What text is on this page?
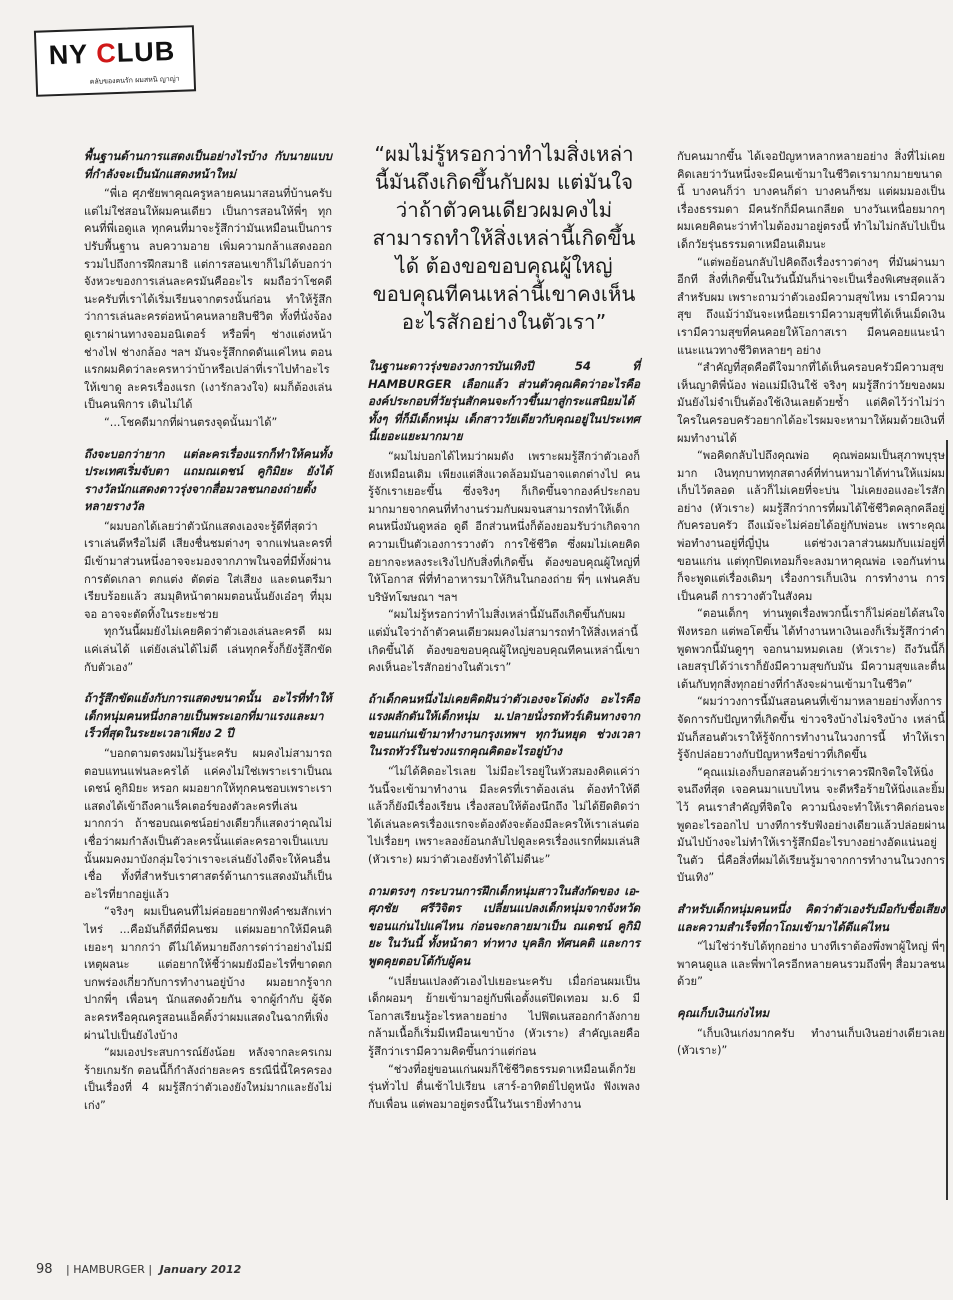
NY CLUB
คลับของคนรัก ผมสหนิ ญาญ่า
พื้นฐานด้านการแสดงเป็นอย่างไรบ้าง กับนายแบบที่กำลังจะเป็นนักแสดงหน้าใหม่

“พี่เอ ศุภชัยพาคุณครูหลายคนมาสอนที่บ้านครับ แต่ไม่ใช่สอนให้ผมคนเดียว เป็นการสอนให้พี่ๆ ทุกคนที่พี่เอดูแล ทุกคนที่มาจะรู้สึกว่ามันเหมือนเป็นการปรับพื้นฐาน ลบความอาย เพิ่มความกล้าแสดงออก รวมไปถึงการฝึกสมาธิ แต่การสอนเขาก็ไม่ได้บอกว่าจังหวะของการเล่นละครมันคืออะไร ผมถือว่าโชคดีนะครับที่เราได้เริ่มเรียนจากตรงนั้นก่อน ทำให้รู้สึกว่าการเล่นละครต่อหน้าคนหลายสิบชีวิต ทั้งที่นั่งจ้องดูเราผ่านทางจอมอนิเตอร์ หรือพี่ๆ ช่างแต่งหน้า ช่างไฟ ช่างกล้อง ฯลฯ มันจะรู้สึกกดดันแค่ไหน ตอนแรกผมคิดว่าละครหาว่าบ้าหรือเปล่าที่เราไปทำอะไรให้เขาดู ละครเรื่องแรก (เงารักลวงใจ) ผมก็ต้องเล่นเป็นคนพิการ เดินไม่ได้

“...โชคดีมากที่ผ่านตรงจุดนั้นมาได้”

ถึงจะบอกว่ายาก แต่ละครเรื่องแรกก็ทำให้คนทั้งประเทศเริ่มจับตา แถมณเดชน์ คูกิมิยะ ยังได้รางวัลนักแสดงดาวรุ่งจากสื่อมวลชนกองถ่ายตั้งหลายรางวัล

“ผมบอกได้เลยว่าตัวนักแสดงเองจะรู้ดีที่สุดว่าเราเล่นดีหรือไม่ดี เสียงชื่นชมต่างๆ จากแฟนละครที่มีเข้ามาส่วนหนึ่งอาจจะมองจากภาพในจอที่มีทั้งผ่านการตัดเกลา ตกแต่ง ตัดต่อ ใส่เสียง และดนตรีมาเรียบร้อยแล้ว สมมุติหน้าตาผมตอนนั้นยังเอ๋อๆ ที่มุมจอ อาจจะตัดทิ้งในระยะช่วย

ทุกวันนี้ผมยังไม่เคยคิดว่าตัวเองเล่นละครดี ผมแค่เล่นได้ แต่ยังเล่นได้ไม่ดี เล่นทุกครั้งก็ยังรู้สึกขัดกับตัวเอง”

ถ้ารู้สึกขัดแย้งกับการแสดงขนาดนั้น อะไรที่ทำให้เด็กหนุ่มคนหนึ่งกลายเป็นพระเอกที่มาแรงและมาเร็วที่สุดในระยะเวลาเพียง 2 ปี

“บอกตามตรงผมไม่รู้นะครับ ผมคงไม่สามารถตอบแทนแฟนละครได้ แค่คงไม่ใช่เพราะเราเป็นณเดชน์ คูกิมิยะ หรอก ผมอยากให้ทุกคนชอบเพราะเราแสดงได้เข้าถึงคาแร็คเตอร์ของตัวละครที่เล่นมากกว่า ถ้าชอบณเดชน์อย่างเดียวก็แสดงว่าคุณไม่เชื่อว่าผมกำลังเป็นตัวละครนั้นแต่ละครอาจเป็นแบบนั้นผมคงมาบังกลุ่มใจว่าเราจะเล่นยังไงดีจะให้คนอื่นเชื่อ ทั้งที่สำหรับเราศาสตร์ด้านการแสดงมันก็เป็นอะไรที่ยากอยู่แล้ว

“จริงๆ ผมเป็นคนที่ไม่ค่อยอยากฟังคำชมสักเท่าไหร่ ...คือมันก็ดีที่มีคนชม แต่ผมอยากให้มีคนติเยอะๆ มากกว่า ดีไม่ได้หมายถึงการด่าว่าอย่างไม่มีเหตุผลนะ แต่อยากให้ชี้ว่าผมยังมีอะไรที่ขาดตกบกพร่องเกี่ยวกับการทำงานอยู่บ้าง ผมอยากรู้จากปากพี่ๆ เพื่อนๆ นักแสดงด้วยกัน จากผู้กำกับ ผู้จัดละครหรือคุณครูสอนแอ็คติ้งว่าผมแสดงในฉากที่เพิ่งผ่านไปเป็นยังไงบ้าง

“ผมเองประสบการณ์ยังน้อย หลังจากละครเกมร้ายเกมรัก ตอนนี้ก็กำลังถ่ายละคร ธรณีนี่นี้ใครครองเป็นเรื่องที่ 4 ผมรู้สึกว่าตัวเองยังใหม่มากและยังไม่เก่ง”

“ผมไม่รู้หรอกว่าทำไมสิ่งเหล่านี้มันถึงเกิดขึ้นกับผม แต่มันใจว่าถ้าตัวคนเดียวผมคงไม่สามารถทำให้สิ่งเหล่านี้เกิดขึ้นได้ ต้องขอขอบคุณผู้ใหญ่ ขอบคุณทีคนเหล่านี้เขาคงเห็นอะไรสักอย่างในตัวเรา”
ในฐานะดาวรุ่งของวงการบันเทิงปี 54 ที่ HAMBURGER เลือกแล้ว ส่วนตัวคุณคิดว่าอะไรคือองค์ประกอบที่วัยรุ่นสักคนจะก้าวขึ้นมาสู่กระแสนิยมได้ทั้งๆ ที่ก็มีเด็กหนุ่ม เด็กสาววัยเดียวกับคุณอยู่ในประเทศนี้เยอะแยะมากมาย

“ผมไม่บอกได้ไหมว่าผมดัง เพราะผมรู้สึกว่าตัวเองก็ยังเหมือนเดิม เพียงแต่สิ่งแวดล้อมมันอาจแตกต่างไป คนรู้จักเราเยอะขึ้น ซึ่งจริงๆ ก็เกิดขึ้นจากองค์ประกอบมากมายจากคนที่ทำงานร่วมกับผมจนสามารถทำให้เด็กคนหนึ่งมันดูหล่อ ดูดี อีกส่วนหนึ่งก็ต้องยอมรับว่าเกิดจากความเป็นตัวเองการวางตัว การใช้ชีวิต ซึ่งผมไม่เคยคิดอยากจะหลงระเริงไปกับสิ่งที่เกิดขึ้น ต้องขอบคุณผู้ใหญ่ที่ให้โอกาส พี่ที่ทำอาหารมาให้กินในกองถ่าย พี่ๆ แฟนคลับ บริษัทโฆษณา ฯลฯ

“ผมไม่รู้หรอกว่าทำไมสิ่งเหล่านี้มันถึงเกิดขึ้นกับผม แต่มั่นใจว่าถ้าตัวคนเดียวผมคงไม่สามารถทำให้สิ่งเหล่านี้เกิดขึ้นได้ ต้องขอขอบคุณผู้ใหญ่ขอบคุณทีคนเหล่านี้เขาคงเห็นอะไรสักอย่างในตัวเรา”

ถ้าเด็กคนหนึ่งไม่เคยคิดฝันว่าตัวเองจะโด่งดัง อะไรคือแรงผลักดันให้เด็กหนุ่ม ม.ปลายนั่งรถทัวร์เดินทางจากขอนแก่นเข้ามาทำงานกรุงเทพฯ ทุกวันหยุด ช่วงเวลาในรถทัวร์ในช่วงแรกคุณคิดอะไรอยู่บ้าง

“ไม่ได้คิดอะไรเลย ไม่มีอะไรอยู่ในหัวสมองคิดแค่ว่าวันนี้จะเข้ามาทำงาน มีละครที่เราต้องเล่น ต้องทำให้ดี แล้วก็ยังมีเรื่องเรียน เรื่องสอบให้ต้องนึกถึง ไม่ได้ยึดติดว่าได้เล่นละครเรื่องแรกจะต้องดังจะต้องมีละครให้เราเล่นต่อไปเรื่อยๆ เพราะลองย้อนกลับไปดูละครเรื่องแรกที่ผมเล่นสิ (หัวเราะ) ผมว่าตัวเองยังทำได้ไม่ดีนะ”

ถามตรงๆ กระบวนการฝึกเด็กหนุ่มสาวในสังกัดของ เอ-ศุภชัย ศรีวิจิตร เปลี่ยนแปลงเด็กหนุ่มจากจังหวัดขอนแก่นไปแค่ไหน ก่อนจะกลายมาเป็น ณเดชน์ คูกิมิยะ ในวันนี้ ทั้งหน้าตา ท่าทาง บุคลิก ทัศนคติ และการพูดคุยตอบโต้กับผู้คน

“เปลี่ยนแปลงตัวเองไปเยอะนะครับ เมื่อก่อนผมเป็นเด็กผอมๆ ย้ายเข้ามาอยู่กับพี่เอตั้งแต่ปิดเทอม ม.6 มีโอกาสเรียนรู้อะไรหลายอย่าง ไปฟิตเนสออกกำลังกายกล้ามเนื้อก็เริ่มมีเหมือนเขาบ้าง (หัวเราะ) สำคัญเลยคือรู้สึกว่าเรามีความคิดขึ้นกว่าแต่ก่อน

“ช่วงที่อยู่ขอนแก่นผมก็ใช้ชีวิตธรรมดาเหมือนเด็กวัยรุ่นทั่วไป ตื่นเช้าไปเรียน เสาร์-อาทิตย์ไปดูหนัง ฟังเพลงกับเพื่อน แต่พอมาอยู่ตรงนี้ในวันเรายิ่งทำงาน

กับคนมากขึ้น ได้เจอปัญหาหลากหลายอย่าง สิ่งที่ไม่เคยคิดเลยว่าวันหนึ่งจะมีคนเข้ามาในชีวิตเรามากมายขนาดนี้ บางคนก็ว่า บางคนก็ด่า บางคนก็ชม แต่ผมมองเป็นเรื่องธรรมดา มีคนรักก็มีคนเกลียด บางวันเหนื่อยมากๆ ผมเคยคิดนะว่าทำไมต้องมาอยู่ตรงนี้ ทำไมไม่กลับไปเป็นเด็กวัยรุ่นธรรมดาเหมือนเดิมนะ

“แต่พอย้อนกลับไปคิดถึงเรื่องราวต่างๆ ที่มันผ่านมาอีกที สิ่งที่เกิดขึ้นในวันนี้มันก็น่าจะเป็นเรื่องพิเศษสุดแล้วสำหรับผม เพราะถามว่าตัวเองมีความสุขไหม เรามีความสุข ถึงแม้ว่ามันจะเหนื่อยเรามีความสุขที่ได้เห็นเม็ดเงิน เรามีความสุขที่คนคอยให้โอกาสเรา มีคนคอยแนะนำ แนะแนวทางชีวิตหลายๆ อย่าง

“สำคัญที่สุดคือดีใจมากที่ได้เห็นครอบครัวมีความสุข เห็นญาติพี่น้อง พ่อแม่มีเงินใช้ จริงๆ ผมรู้สึกว่าวัยของผมมันยังไม่จำเป็นต้องใช้เงินเลยด้วยซ้ำ แต่คิดไว้ว่าไม่ว่าใครในครอบครัวอยากได้อะไรผมจะหามาให้ผมด้วยเงินที่ผมทำงานได้

“พอคิดกลับไปถึงคุณพ่อ คุณพ่อผมเป็นสุภาพบุรุษมาก เงินทุกบาททุกสตางค์ที่ท่านหามาได้ท่านให้แม่ผมเก็บไว้ตลอด แล้วก็ไม่เคยที่จะบ่น ไม่เคยงอแงอะไรสักอย่าง (หัวเราะ) ผมรู้สึกว่าการที่ผมได้ใช้ชีวิตคลุกคลีอยู่กับครอบครัว ถึงแม้จะไม่ค่อยได้อยู่กับพ่อนะ เพราะคุณพ่อทำงานอยู่ที่ญี่ปุ่น แต่ช่วงเวลาส่วนผมกับแม่อยู่ที่ขอนแก่น แต่ทุกปิดเทอมก็จะลงมาหาคุณพ่อ เจอกันท่านก็จะพูดแต่เรื่องเดิมๆ เรื่องการเก็บเงิน การทำงาน การเป็นคนดี การวางตัวในสังคม

“ตอนเด็กๆ ท่านพูดเรื่องพวกนี้เราก็ไม่ค่อยได้สนใจฟังหรอก แต่พอโตขึ้น ได้ทำงานหาเงินเองก็เริ่มรู้สึกว่าคำพูดพวกนี้มันดูๆๆ จอกนามหมดเลย (หัวเราะ) ถึงวันนี้ก็เลยสรุปได้ว่าเราก็ยังมีความสุขกับมัน มีความสุขและตื่นเต้นกับทุกสิ่งทุกอย่างที่กำลังจะผ่านเข้ามาในชีวิต”

“ผมว่าวงการนี้มันสอนคนที่เข้ามาหลายอย่างทั้งการจัดการกับปัญหาที่เกิดขึ้น ข่าวจริงบ้างไม่จริงบ้าง เหล่านี้มันก็สอนตัวเราให้รู้จักการทำงานในวงการนี้ ทำให้เรารู้จักปล่อยวางกับปัญหาหรือข่าวที่เกิดขึ้น

“คุณแม่เองก็บอกสอนด้วยว่าเราควรฝึกจิตใจให้นิ่งจนถึงที่สุด เจอคนมาแบบไหน จะดีหรือร้ายให้นิ่งและยิ้มไว้ คนเราสำคัญที่จิตใจ ความนิ่งจะทำให้เราคิดก่อนจะพูดอะไรออกไป บางทีการรับฟังอย่างเดียวแล้วปล่อยผ่านมันไปบ้างจะไม่ทำให้เรารู้สึกมีอะไรบางอย่างอัดแน่นอยู่ในตัว นี่คือสิ่งที่ผมได้เรียนรู้มาจากการทำงานในวงการบันเทิง”

สำหรับเด็กหนุ่มคนหนึ่ง คิดว่าตัวเองรับมือกับชื่อเสียงและความสำเร็จที่ถาโถมเข้ามาได้ดีแค่ไหน

“ไม่ใช่ว่ารับได้ทุกอย่าง บางทีเราต้องพึ่งพาผู้ใหญ่ พี่ๆ พาคนดูแล และพี่พาไครอีกหลายคนรวมถึงพี่ๆ สื่อมวลชนด้วย”

คุณเก็บเงินเก่งไหม

“เก็บเงินเก่งมากครับ ทำงานเก็บเงินอย่างเดียวเลย (หัวเราะ)”

98 | HAMBURGER | January 2012
